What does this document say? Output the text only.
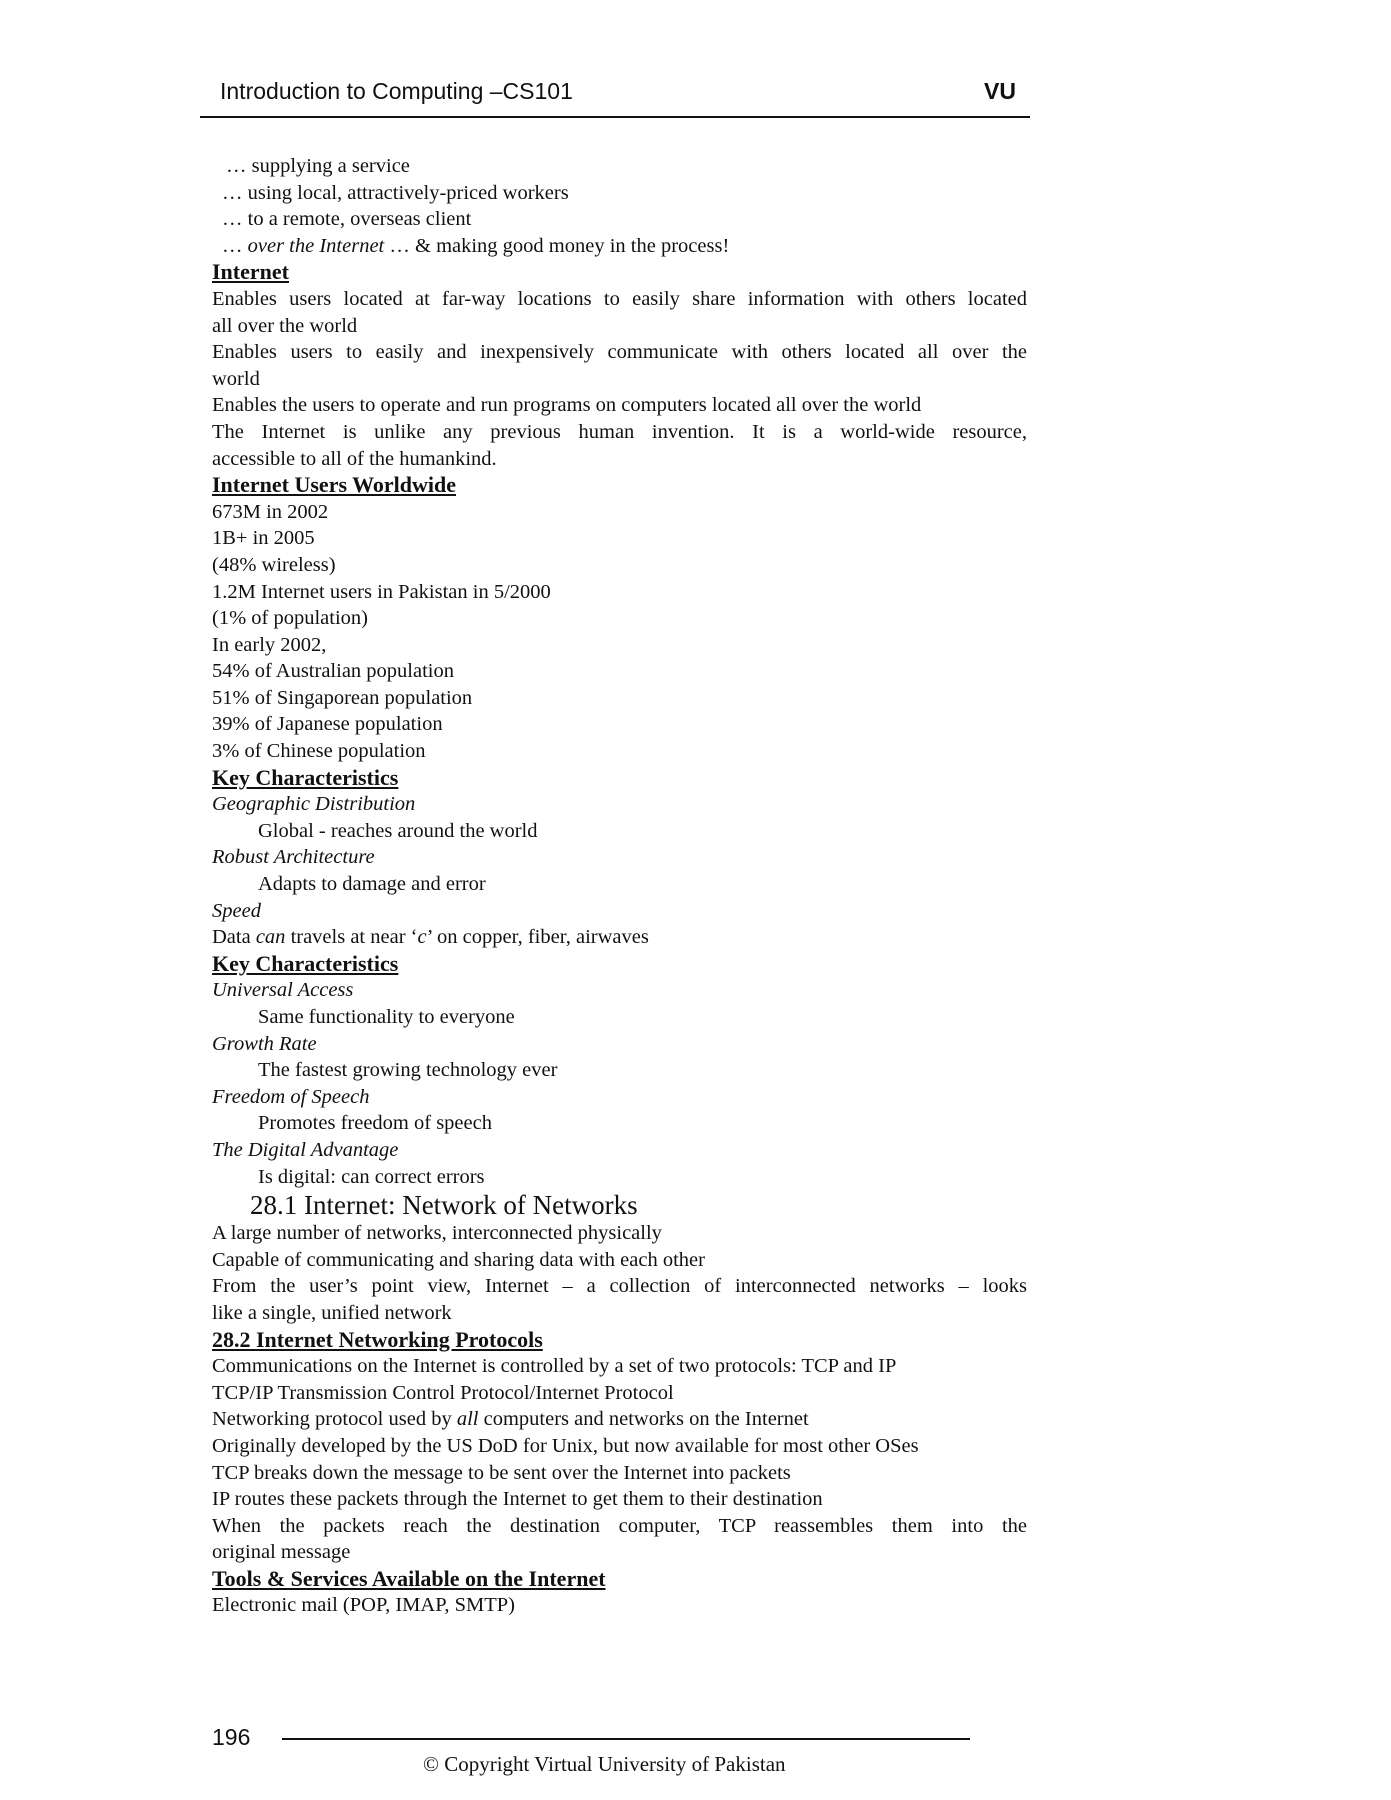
Introduction to Computing –CS101	VU
… supplying a service
… using local, attractively-priced workers
… to a remote, overseas client
… over the Internet … & making good money in the process!
Internet
Enables users located at far-way locations to easily share information with others located
all over the world
Enables users to easily and inexpensively communicate with others located all over the
world
Enables the users to operate and run programs on computers located all over the world
The Internet is unlike any previous human invention. It is a world-wide resource,
accessible to all of the humankind.
Internet Users Worldwide
673M in 2002
1B+ in 2005
(48% wireless)
1.2M Internet users in Pakistan in 5/2000
(1% of population)
In early 2002,
54% of Australian population
51% of Singaporean population
39% of Japanese population
3% of Chinese population
Key Characteristics
Geographic Distribution
Global - reaches around the world
Robust Architecture
Adapts to damage and error
Speed
Data can travels at near ‘c’ on copper, fiber, airwaves
Key Characteristics
Universal Access
Same functionality to everyone
Growth Rate
The fastest growing technology ever
Freedom of Speech
Promotes freedom of speech
The Digital Advantage
Is digital: can correct errors
28.1 Internet: Network of Networks
A large number of networks, interconnected physically
Capable of communicating and sharing data with each other
From the user’s point view, Internet – a collection of interconnected networks – looks
like a single, unified network
28.2 Internet Networking Protocols
Communications on the Internet is controlled by a set of two protocols: TCP and IP
TCP/IP Transmission Control Protocol/Internet Protocol
Networking protocol used by all computers and networks on the Internet
Originally developed by the US DoD for Unix, but now available for most other OSes
TCP breaks down the message to be sent over the Internet into packets
IP routes these packets through the Internet to get them to their destination
When the packets reach the destination computer, TCP reassembles them into the
original message
Tools & Services Available on the Internet
Electronic mail (POP, IMAP, SMTP)
196
© Copyright Virtual University of Pakistan
